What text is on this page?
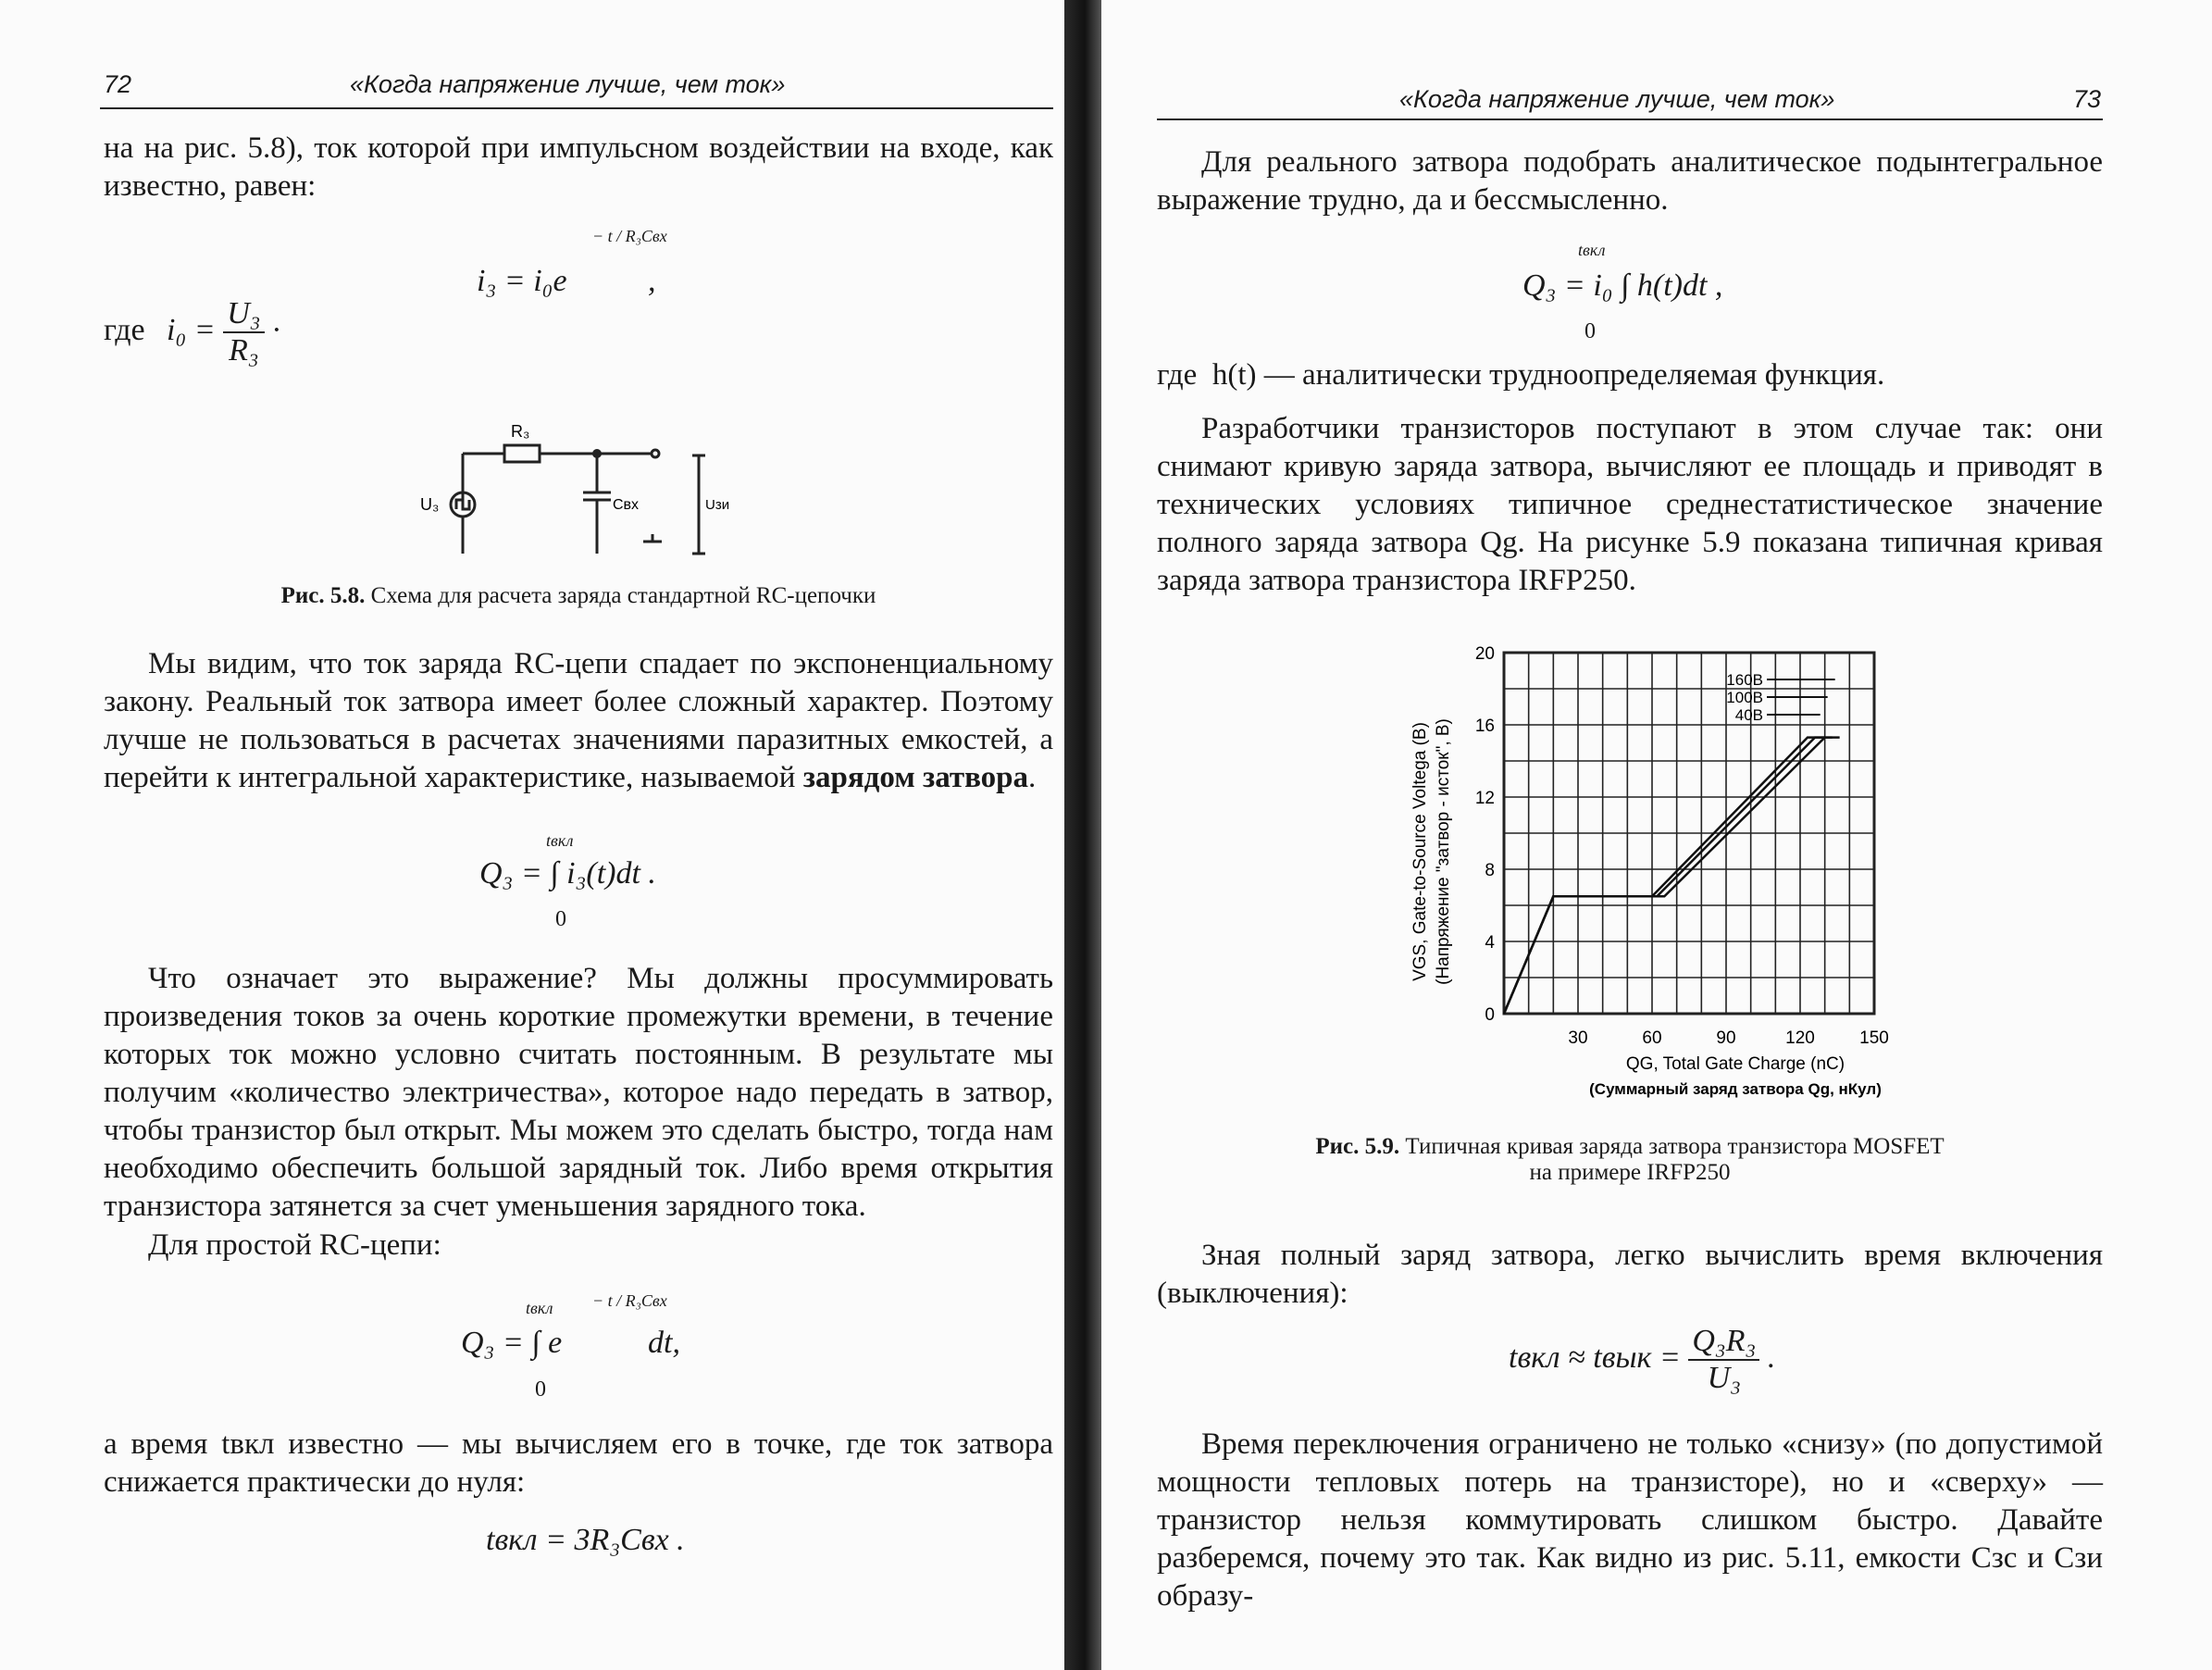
72	«Когда напряжение лучше, чем ток»
на на рис. 5.8), ток которой при импульсном воздействии на входе, как известно, равен:
i₃ = i₀e
− t / R₃Cвх
,
где $i_0 = \frac{\text{U₃}}{\text{R₃}}$ ·
R₃
U₃	Cвх	Uзи
Рис. 5.8. Схема для расчета заряда стандартной RC-цепочки
Мы видим, что ток заряда RC-цепи спадает по экспоненциальному закону. Реальный ток затвора имеет более сложный характер. Поэтому лучше не пользоваться в расчетах значениями паразитных емкостей, а перейти к интегральной характеристике, называемой зарядом затвора.
tвкл
Q₃ = ∫ i₃(t)dt .
0
Что означает это выражение? Мы должны просуммировать произведения токов за очень короткие промежутки времени, в течение которых ток можно условно считать постоянным. В результате мы получим «количество электричества», которое надо передать в затвор, чтобы транзистор был открыт. Мы можем это сделать быстро, тогда нам необходимо обеспечить большой зарядный ток. Либо время открытия транзистора затянется за счет уменьшения зарядного тока.
Для простой RC-цепи:
tвкл − t / R₃Cвх
Q₃ = ∫ e	dt,
0
а время tвкл известно — мы вычисляем его в точке, где ток затвора снижается практически до нуля:
tвкл = 3R₃Cвх .
«Когда напряжение лучше, чем ток»	73
Для реального затвора подобрать аналитическое подынтегральное выражение трудно, да и бессмысленно.
tвкл
Q₃ = i₀ ∫ h(t)dt ,
0
где h(t) — аналитически трудноопределяемая функция.
Разработчики транзисторов поступают в этом случае так: они снимают кривую заряда затвора, вычисляют ее площадь и приводят в технических условиях типичное среднестатистическое значение полного заряда затвора Qg. На рисунке 5.9 показана типичная кривая заряда затвора транзистора IRFP250.
30	60	90	120	150
0
4
8
12
16
20
160B
100B
40B
QG, Total Gate Charge (nC)
(Суммарный заряд затвора Qg, нКул)
VGS, Gate-to-Source Voltega (B) (Напряжение "затвор - исток", В)
Рис. 5.9. Типичная кривая заряда затвора транзистора MOSFET
на примере IRFP250
Зная полный заряд затвора, легко вычислить время включения (выключения):
tвкл ≈ tвык = $\frac{\text{Q₃R₃}}{\text{U₃}}$ .
Время переключения ограничено не только «снизу» (по допустимой мощности тепловых потерь на транзисторе), но и «сверху» — транзистор нельзя коммутировать слишком быстро. Давайте разберемся, почему это так. Как видно из рис. 5.11, емкости Cзс и Cзи образу-
